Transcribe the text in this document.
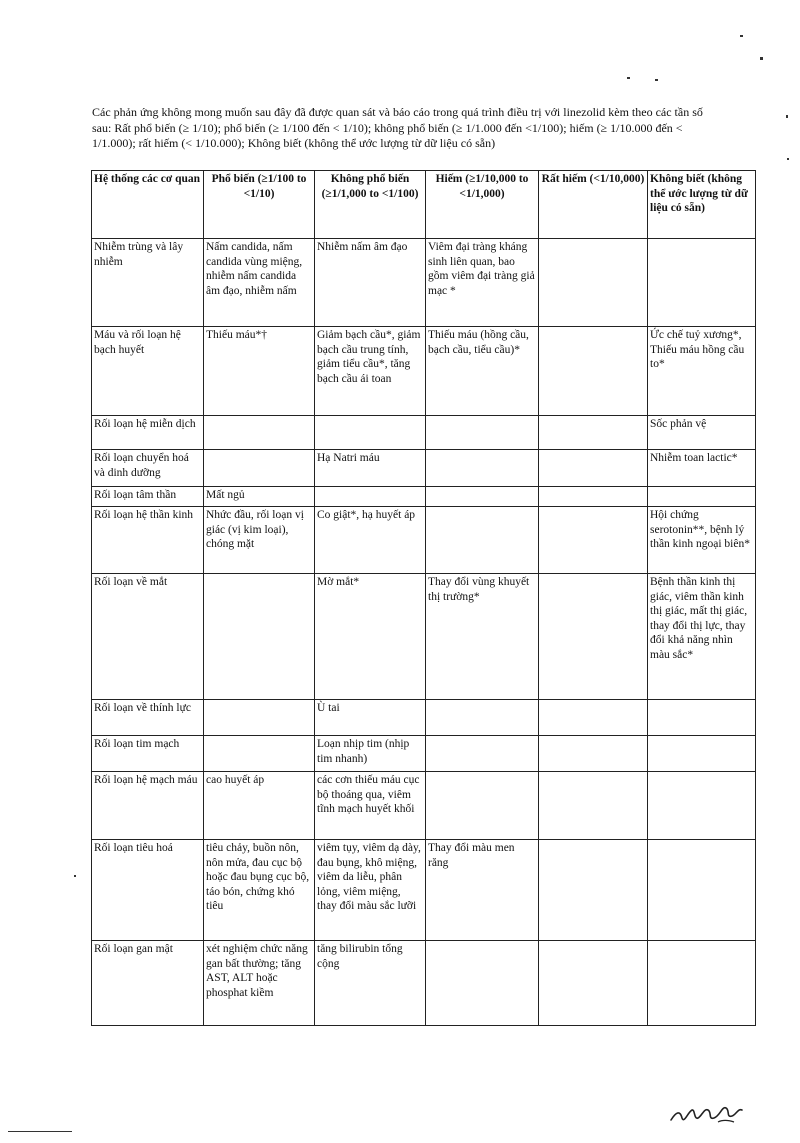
Các phản ứng không mong muốn sau đây đã được quan sát và báo cáo trong quá trình điều trị với linezolid kèm theo các tần số sau: Rất phổ biến (≥ 1/10); phổ biến (≥ 1/100 đến < 1/10); không phổ biến (≥ 1/1.000 đến <1/100); hiếm (≥ 1/10.000 đến < 1/1.000); rất hiếm (< 1/10.000); Không biết (không thể ước lượng từ dữ liệu có sẵn)
Hệ thống các cơ quan	Phổ biến (≥1/100 to <1/10)	Không phổ biến (≥1/1,000 to <1/100)	Hiếm (≥1/10,000 to <1/1,000)	Rất hiếm (<1/10,000)	Không biết (không thể ước lượng từ dữ liệu có sẵn)
Nhiễm trùng và lây nhiễm	Nấm candida, nấm candida vùng miệng, nhiễm nấm candida âm đạo, nhiễm nấm	Nhiễm nấm âm đạo	Viêm đại tràng kháng sinh liên quan, bao gồm viêm đại tràng giả mạc *		
Máu và rối loạn hệ bạch huyết	Thiếu máu*†	Giảm bạch cầu*, giảm bạch cầu trung tính, giảm tiểu cầu*, tăng bạch cầu ái toan	Thiếu máu (hồng cầu, bạch cầu, tiểu cầu)*		Ức chế tuỷ xương*, Thiếu máu hồng cầu to*
Rối loạn hệ miễn dịch					Sốc phản vệ
Rối loạn chuyển hoá và dinh dưỡng		Hạ Natri máu			Nhiễm toan lactic*
Rối loạn tâm thần	Mất ngủ				
Rối loạn hệ thần kinh	Nhức đầu, rối loạn vị giác (vị kim loại), chóng mặt	Co giật*, hạ huyết áp			Hội chứng serotonin**, bệnh lý thần kinh ngoại biên*
Rối loạn về mắt		Mờ mắt*	Thay đổi vùng khuyết thị trường*		Bệnh thần kinh thị giác, viêm thần kinh thị giác, mất thị giác, thay đổi thị lực, thay đổi khả năng nhìn màu sắc*
Rối loạn về thính lực		Ù tai			
Rối loạn tim mạch		Loạn nhịp tim (nhịp tim nhanh)			
Rối loạn hệ mạch máu	cao huyết áp	các cơn thiếu máu cục bộ thoáng qua, viêm tĩnh mạch huyết khối			
Rối loạn tiêu hoá	tiêu chảy, buồn nôn, nôn mửa, đau cục bộ hoặc đau bụng cục bộ, táo bón, chứng khó tiêu	viêm tụy, viêm dạ dày, đau bụng, khô miệng, viêm da liễu, phân lỏng, viêm miệng, thay đổi màu sắc lưỡi	Thay đổi màu men răng		
Rối loạn gan mật	xét nghiệm chức năng gan bất thường; tăng AST, ALT hoặc phosphat kiềm	tăng bilirubin tổng cộng			
